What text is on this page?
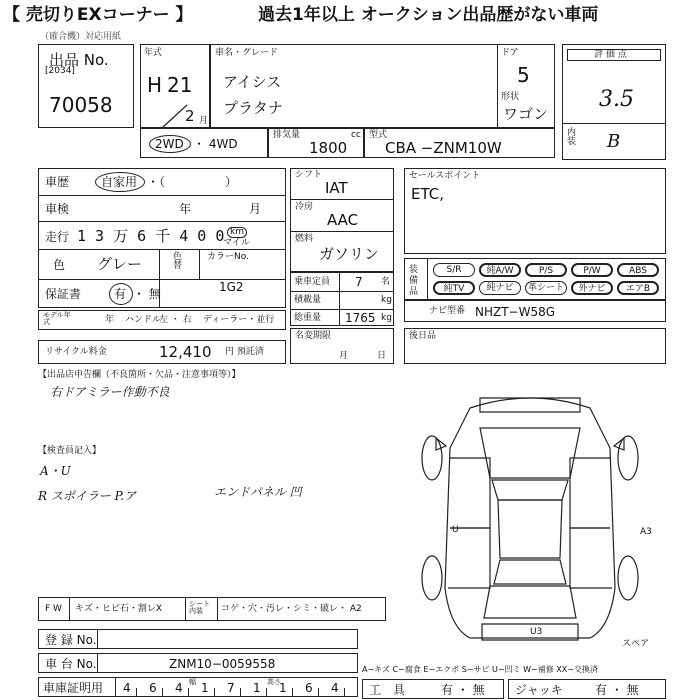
【 売切りEXコーナー 】	過去1年以上 オークション出品歴がない車両
（確合機）対応用紙
出品 No.
[2034]
70058
年式
H 21
2 月
車名・グレード
アイシス
プラタナ
ドア
5
形状
ワゴン
評 価 点
3.5
内装 B
2WD ・ 4WD
排気量	cc
1800
型式
CBA −ZNM10W
車歴	自家用 ・（　　　　　）
車検	年	月
走行 1 3 万 6 千 4 0 0 km
マイル
色 グレー	色替
カラーNo.
1G2
保証書	有 ・ 無
モデル年式	年 ハンドル
左 ・ 右 ディーラー・並行
リサイクル料金	12,410 円 預託済
シフト
IAT
冷房
AAC
燃料
ガソリン
乗車定員 7 名
積載量	kg
総重量 1765 kg
名変期限
月	日
セールスポイント
ETC,
装備品
S/R	純A/W	P/S	P/W	ABS
純TV	純ナビ	革シート	外ナビ	エアB
ナビ型番 NHZT−W58G
後日品
【出品店申告欄（不良箇所・欠品・注意事項等）】
右ドアミラー作動不良
【検査員記入】
A・U
R スポイラー P.ア	エンドパネル 凹
U	A3
U3
スペア
F W キズ・ヒビ石・割レX	シート内装	コゲ・穴・汚レ・シミ・破レ・ A2
登 録 No.
車 台 No.	ZNM10−0059558
車庫証明用 4 6 4 1 7 1 1 6 4
幅	高さ
A−キズ C−腐食 E−エクボ S−サビ U−凹ミ W−補修 XX−交換済
工　具	有 ・ 無	ジャッキ	有 ・ 無
